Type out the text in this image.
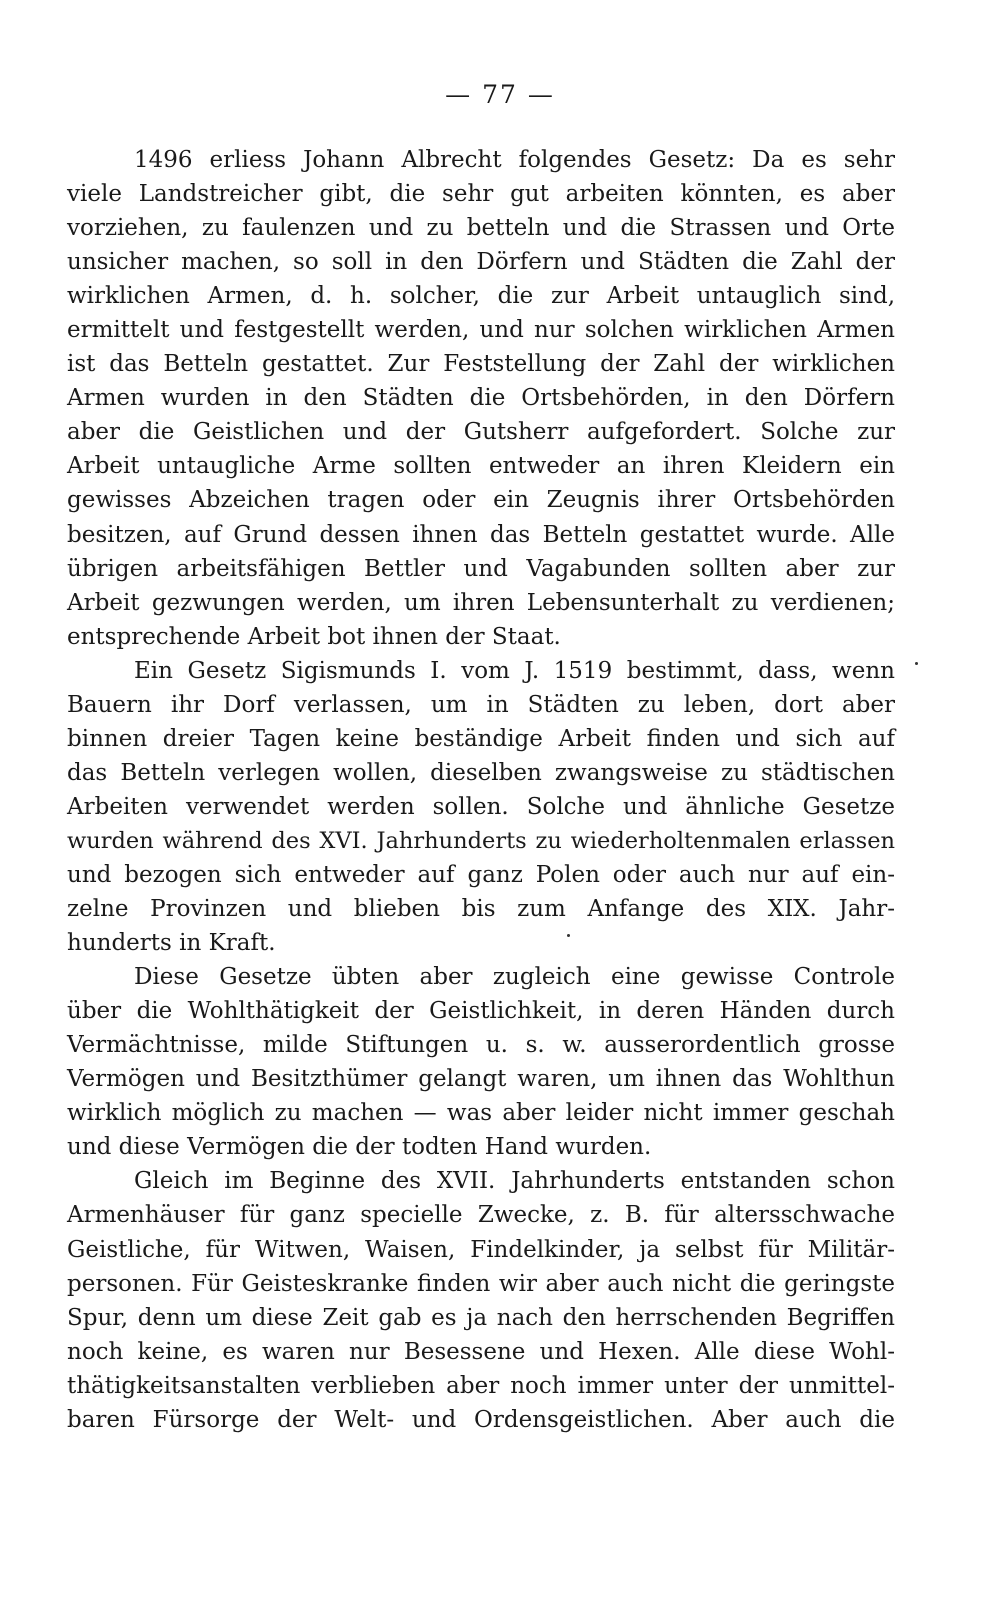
— 77 —
1496 erliess Johann Albrecht folgendes Gesetz: Da es sehr
viele Landstreicher gibt, die sehr gut arbeiten könnten, es aber
vorziehen, zu faulenzen und zu betteln und die Strassen und Orte
unsicher machen, so soll in den Dörfern und Städten die Zahl der
wirklichen Armen, d. h. solcher, die zur Arbeit untauglich sind,
ermittelt und festgestellt werden, und nur solchen wirklichen Armen
ist das Betteln gestattet. Zur Feststellung der Zahl der wirklichen
Armen wurden in den Städten die Ortsbehörden, in den Dörfern
aber die Geistlichen und der Gutsherr aufgefordert. Solche zur
Arbeit untaugliche Arme sollten entweder an ihren Kleidern ein
gewisses Abzeichen tragen oder ein Zeugnis ihrer Ortsbehörden
besitzen, auf Grund dessen ihnen das Betteln gestattet wurde. Alle
übrigen arbeitsfähigen Bettler und Vagabunden sollten aber zur
Arbeit gezwungen werden, um ihren Lebensunterhalt zu verdienen;
entsprechende Arbeit bot ihnen der Staat.
Ein Gesetz Sigismunds I. vom J. 1519 bestimmt, dass, wenn
Bauern ihr Dorf verlassen, um in Städten zu leben, dort aber
binnen dreier Tagen keine beständige Arbeit finden und sich auf
das Betteln verlegen wollen, dieselben zwangsweise zu städtischen
Arbeiten verwendet werden sollen. Solche und ähnliche Gesetze
wurden während des XVI. Jahrhunderts zu wiederholtenmalen erlassen
und bezogen sich entweder auf ganz Polen oder auch nur auf ein-
zelne Provinzen und blieben bis zum Anfange des XIX. Jahr-
hunderts in Kraft.
Diese Gesetze übten aber zugleich eine gewisse Controle
über die Wohlthätigkeit der Geistlichkeit, in deren Händen durch
Vermächtnisse, milde Stiftungen u. s. w. ausserordentlich grosse
Vermögen und Besitzthümer gelangt waren, um ihnen das Wohlthun
wirklich möglich zu machen — was aber leider nicht immer geschah
und diese Vermögen die der todten Hand wurden.
Gleich im Beginne des XVII. Jahrhunderts entstanden schon
Armenhäuser für ganz specielle Zwecke, z. B. für altersschwache
Geistliche, für Witwen, Waisen, Findelkinder, ja selbst für Militär-
personen. Für Geisteskranke finden wir aber auch nicht die geringste
Spur, denn um diese Zeit gab es ja nach den herrschenden Begriffen
noch keine, es waren nur Besessene und Hexen. Alle diese Wohl-
thätigkeitsanstalten verblieben aber noch immer unter der unmittel-
baren Fürsorge der Welt- und Ordensgeistlichen. Aber auch die
